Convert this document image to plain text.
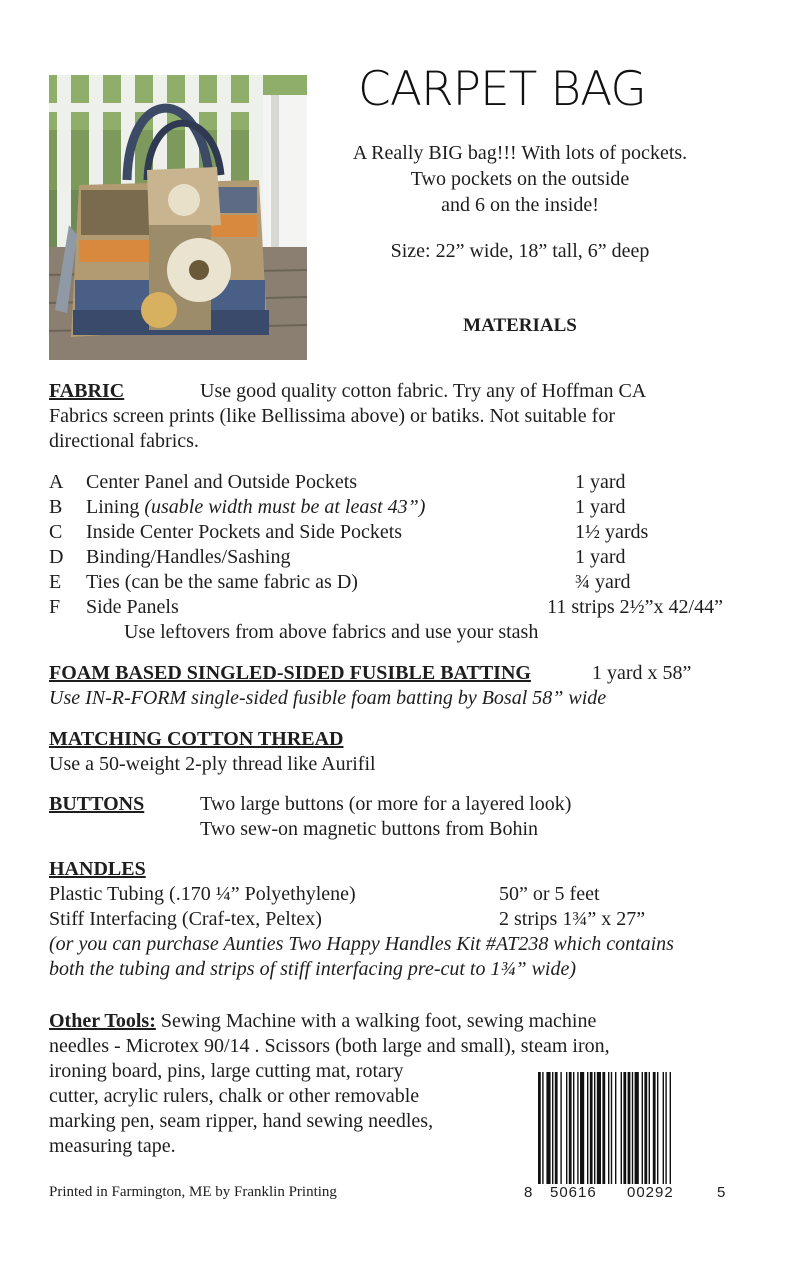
CARPET BAG
A Really BIG bag!!! With lots of pockets.
Two pockets on the outside
and 6 on the inside!
Size: 22” wide, 18” tall, 6” deep
MATERIALS
FABRIC	Use good quality cotton fabric. Try any of Hoffman CA
Fabrics screen prints (like Bellissima above) or batiks. Not suitable for
directional fabrics.
A Center Panel and Outside Pockets	1 yard
B Lining (usable width must be at least 43”)	1 yard
C Inside Center Pockets and Side Pockets	1½ yards
D Binding/Handles/Sashing	1 yard
E Ties (can be the same fabric as D)	¾ yard
F Side Panels	11 strips 2½”x 42/44”
Use leftovers from above fabrics and use your stash
FOAM BASED SINGLED-SIDED FUSIBLE BATTING	1 yard x 58”
Use IN-R-FORM single-sided fusible foam batting by Bosal 58” wide
MATCHING COTTON THREAD
Use a 50-weight 2-ply thread like Aurifil
BUTTONS	Two large buttons (or more for a layered look)
Two sew-on magnetic buttons from Bohin
HANDLES
Plastic Tubing (.170 ¼” Polyethylene)	50” or 5 feet
Stiff Interfacing (Craf-tex, Peltex)	2 strips 1¾” x 27”
(or you can purchase Aunties Two Happy Handles Kit #AT238 which contains
both the tubing and strips of stiff interfacing pre-cut to 1¾” wide)
Other Tools: Sewing Machine with a walking foot, sewing machine
needles - Microtex 90/14 . Scissors (both large and small), steam iron,
ironing board, pins, large cutting mat, rotary
cutter, acrylic rulers, chalk or other removable
marking pen, seam ripper, hand sewing needles,
measuring tape.
8 50616 00292	5
Printed in Farmington, ME by Franklin Printing
